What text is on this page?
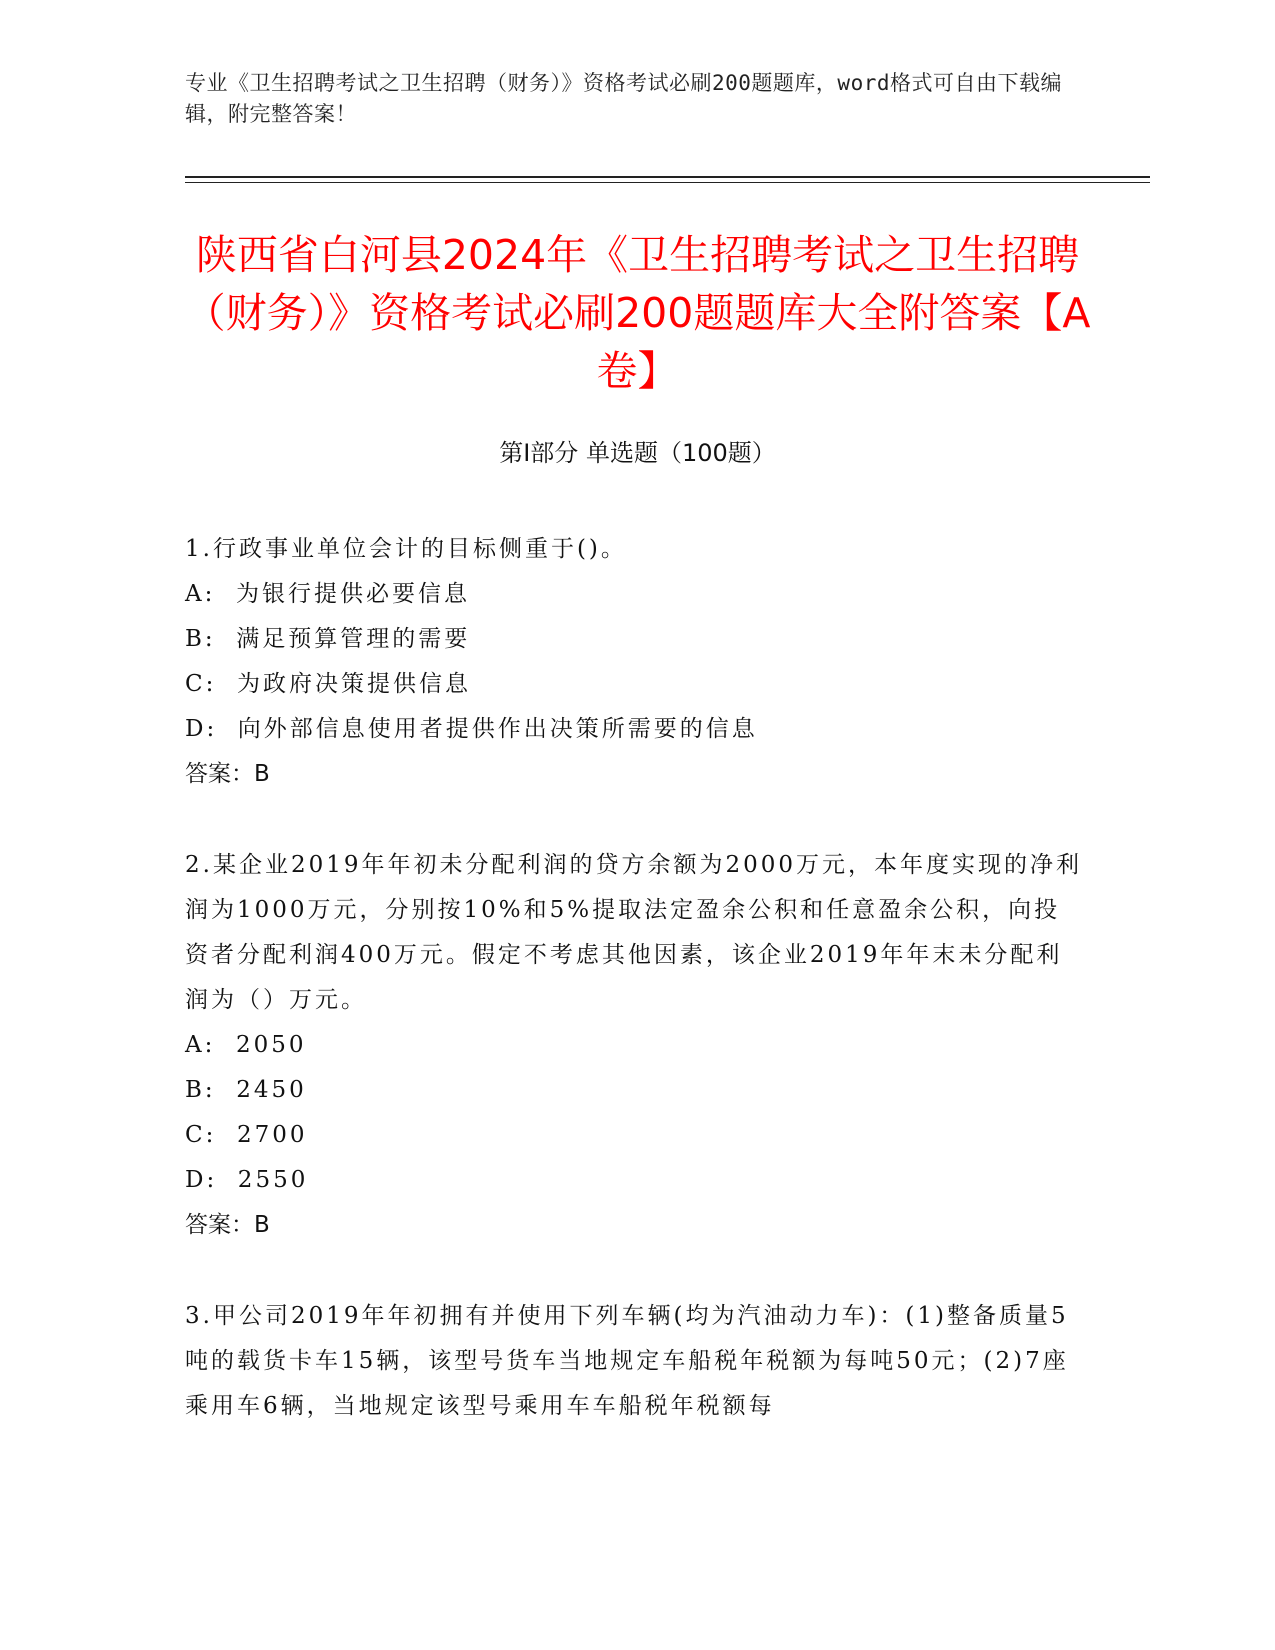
专业《卫生招聘考试之卫生招聘（财务）》资格考试必刷200题题库，word格式可自由下载编辑，附完整答案！
陕西省白河县2024年《卫生招聘考试之卫生招聘（财务）》资格考试必刷200题题库大全附答案【A卷】
第Ⅰ部分 单选题（100题）
1.行政事业单位会计的目标侧重于()。
A:  为银行提供必要信息
B:  满足预算管理的需要
C:  为政府决策提供信息
D:  向外部信息使用者提供作出决策所需要的信息
答案：B
2.某企业2019年年初未分配利润的贷方余额为2000万元，本年度实现的净利润为1000万元，分别按10%和5%提取法定盈余公积和任意盈余公积，向投资者分配利润400万元。假定不考虑其他因素，该企业2019年年末未分配利润为（）万元。
A:  2050
B:  2450
C:  2700
D:  2550
答案：B
3.甲公司2019年年初拥有并使用下列车辆(均为汽油动力车)：(1)整备质量5吨的载货卡车15辆，该型号货车当地规定车船税年税额为每吨50元；(2)7座乘用车6辆，当地规定该型号乘用车车船税年税额每
